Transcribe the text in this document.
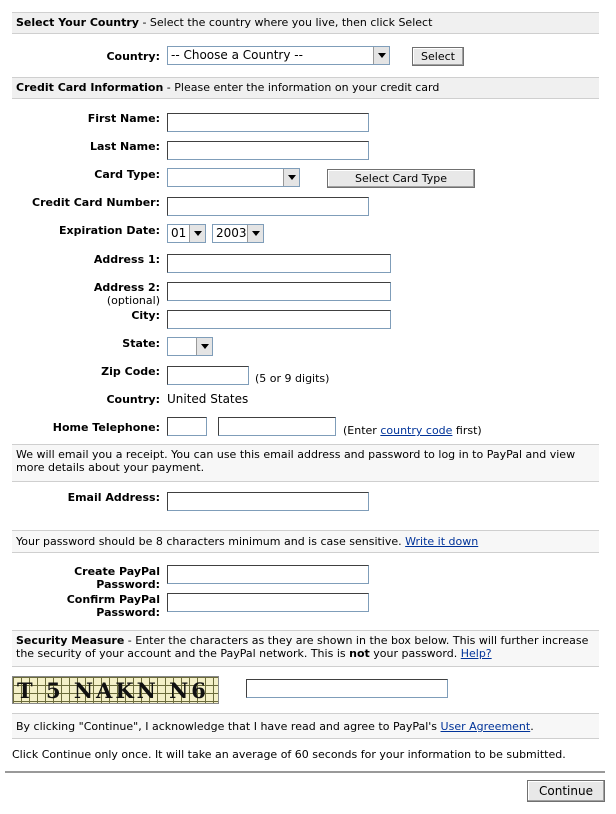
Select Your Country - Select the country where you live, then click Select
Country: -- Choose a Country --	Select
Credit Card Information - Please enter the information on your credit card
First Name:
Last Name:
Card Type:	Select Card Type
Credit Card Number:
Expiration Date: 01	2003
Address 1:
Address 2:
(optional)
City:
State:
Zip Code:
(5 or 9 digits)
Country: United States
Home Telephone:	(Enter country code first)
We will email you a receipt. You can use this email address and password to log in to PayPal and view more details about your payment.
Email Address:
Your password should be 8 characters minimum and is case sensitive. Write it down
Create PayPal
Password:
Confirm PayPal
Password:
Security Measure - Enter the characters as they are shown in the box below. This will further increase the security of your account and the PayPal network. This is not your password. Help?
T 5 NAKN N6
By clicking "Continue", I acknowledge that I have read and agree to PayPal's User Agreement.
Click Continue only once. It will take an average of 60 seconds for your information to be submitted.
Continue
